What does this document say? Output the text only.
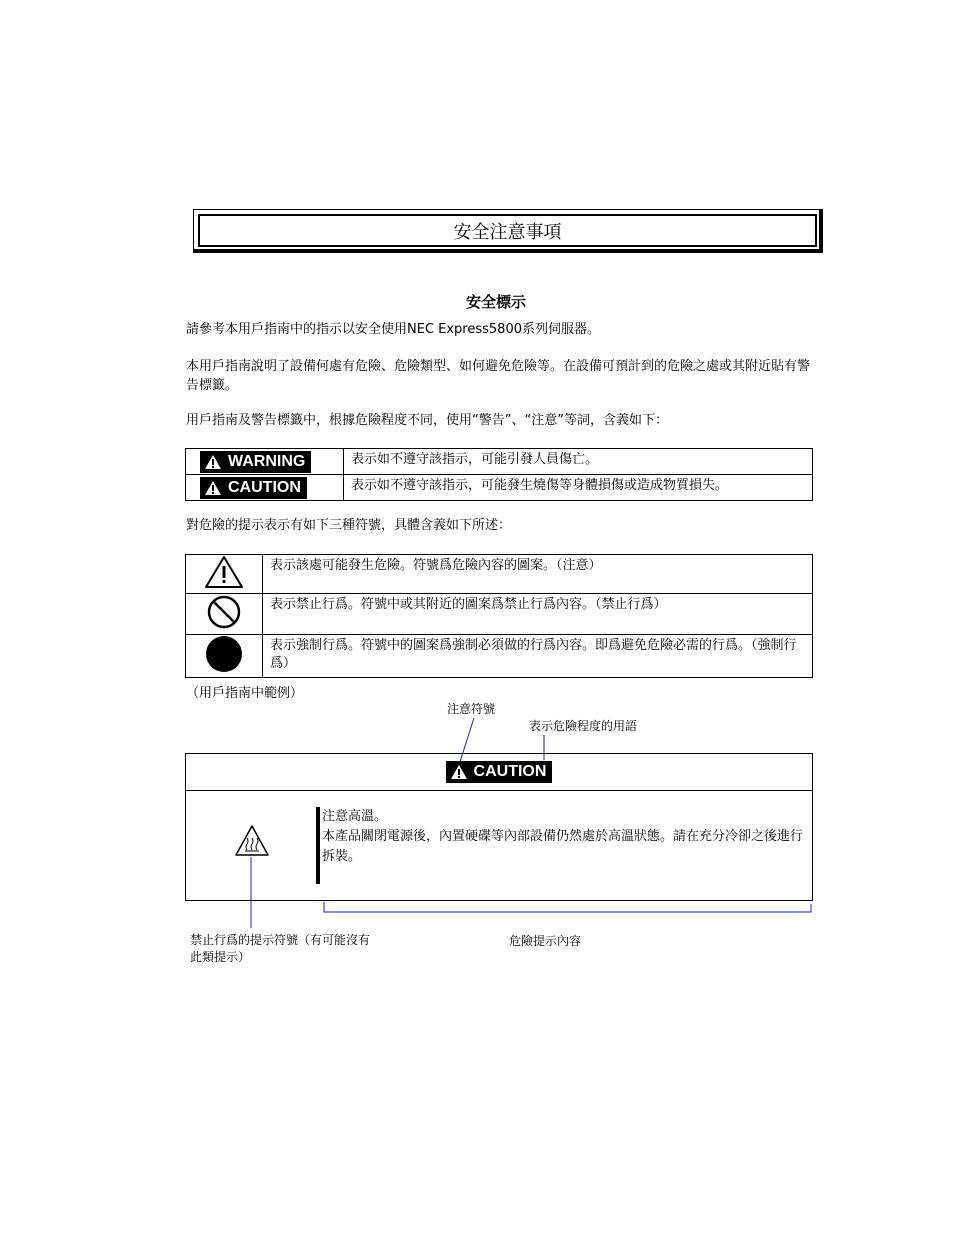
安全注意事項
安全標示
請參考本用戶指南中的指示以安全使用NEC Express5800系列伺服器。
本用戶指南說明了設備何處有危險、危險類型、如何避免危險等。在設備可預計到的危險之處或其附近貼有警告標籤。
用戶指南及警告標籤中，根據危險程度不同，使用“警告”、“注意”等詞，含義如下：
WARNING	表示如不遵守該指示，可能引發人員傷亡。

CAUTION	表示如不遵守該指示，可能發生燒傷等身體損傷或造成物質損失。
對危險的提示表示有如下三種符號，具體含義如下所述：

表示該處可能發生危險。符號爲危險內容的圖案。（注意）

表示禁止行爲。符號中或其附近的圖案爲禁止行爲內容。（禁止行爲）

表示強制行爲。符號中的圖案爲強制必須做的行爲內容。即爲避免危險必需的行爲。（強制行爲）
（用戶指南中範例）
注意符號
表示危險程度的用語
CAUTION
注意高溫。
本產品關閉電源後，內置硬碟等內部設備仍然處於高溫狀態。請在充分冷卻之後進行拆裝。
禁止行爲的提示符號（有可能沒有此類提示）
危險提示內容
